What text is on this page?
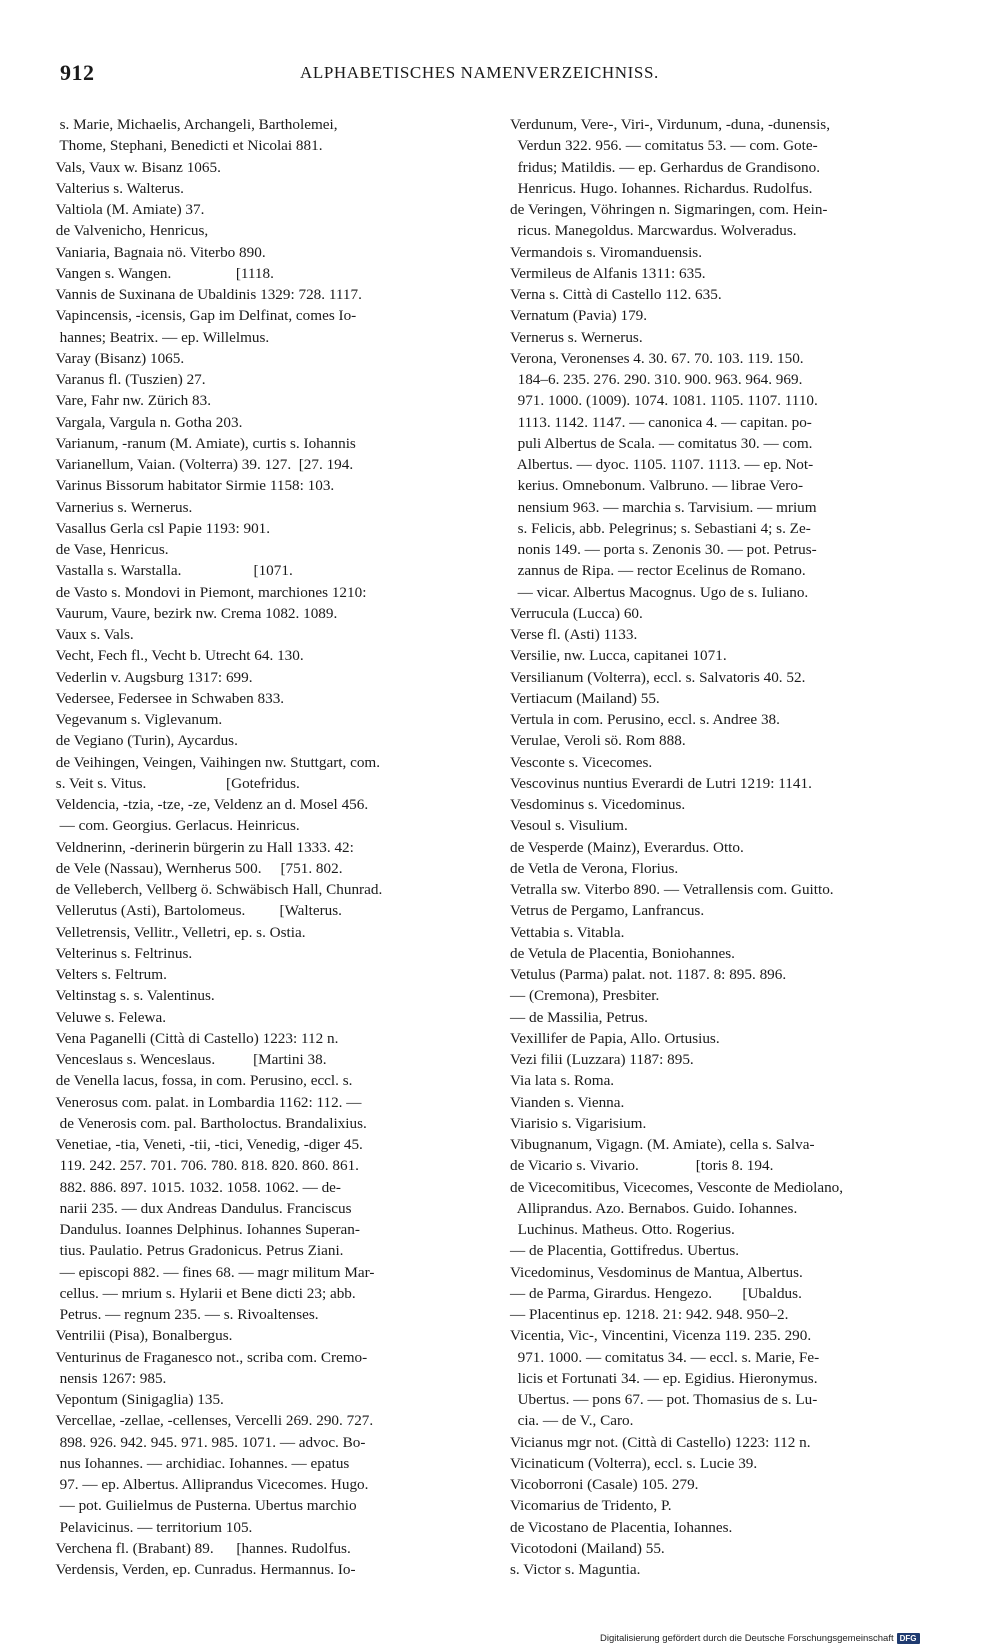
912	ALPHABETISCHES NAMENVERZEICHNISS.
s. Marie, Michaelis, Archangeli, Bartholemei,
Thome, Stephani, Benedicti et Nicolai 881.
Vals, Vaux w. Bisanz 1065.
Valterius s. Walterus.
Valtiola (M. Amiate) 37.
de Valvenicho, Henricus,
Vaniaria, Bagnaia nö. Viterbo 890.
Vangen s. Wangen.                 [1118.
Vannis de Suxinana de Ubaldinis 1329: 728. 1117.
Vapincensis, -icensis, Gap im Delfinat, comes Io-
hannes; Beatrix. — ep. Willelmus.
Varay (Bisanz) 1065.
Varanus fl. (Tuszien) 27.
Vare, Fahr nw. Zürich 83.
Vargala, Vargula n. Gotha 203.
Varianum, -ranum (M. Amiate), curtis s. Iohannis
Varianellum, Vaian. (Volterra) 39. 127.  [27. 194.
Varinus Bissorum habitator Sirmie 1158: 103.
Varnerius s. Wernerus.
Vasallus Gerla csl Papie 1193: 901.
de Vase, Henricus.
Vastalla s. Warstalla.                   [1071.
de Vasto s. Mondovi in Piemont, marchiones 1210:
Vaurum, Vaure, bezirk nw. Crema 1082. 1089.
Vaux s. Vals.
Vecht, Fech fl., Vecht b. Utrecht 64. 130.
Vederlin v. Augsburg 1317: 699.
Vedersee, Federsee in Schwaben 833.
Vegevanum s. Viglevanum.
de Vegiano (Turin), Aycardus.
de Veihingen, Veingen, Vaihingen nw. Stuttgart, com.
s. Veit s. Vitus.                     [Gotefridus.
Veldencia, -tzia, -tze, -ze, Veldenz an d. Mosel 456.
— com. Georgius. Gerlacus. Heinricus.
Veldnerinn, -derinerin bürgerin zu Hall 1333. 42:
de Vele (Nassau), Wernherus 500.     [751. 802.
de Velleberch, Vellberg ö. Schwäbisch Hall, Chunrad.
Vellerutus (Asti), Bartolomeus.         [Walterus.
Velletrensis, Vellitr., Velletri, ep. s. Ostia.
Velterinus s. Feltrinus.
Velters s. Feltrum.
Veltinstag s. s. Valentinus.
Veluwe s. Felewa.
Vena Paganelli (Città di Castello) 1223: 112 n.
Venceslaus s. Wenceslaus.          [Martini 38.
de Venella lacus, fossa, in com. Perusino, eccl. s.
Venerosus com. palat. in Lombardia 1162: 112. —
de Venerosis com. pal. Bartholoctus. Brandalixius.
Venetiae, -tia, Veneti, -tii, -tici, Venedig, -diger 45.
119. 242. 257. 701. 706. 780. 818. 820. 860. 861.
882. 886. 897. 1015. 1032. 1058. 1062. — de-
narii 235. — dux Andreas Dandulus. Franciscus
Dandulus. Ioannes Delphinus. Iohannes Superan-
tius. Paulatio. Petrus Gradonicus. Petrus Ziani.
— episcopi 882. — fines 68. — magr militum Mar-
cellus. — mrium s. Hylarii et Bene dicti 23; abb.
Petrus. — regnum 235. — s. Rivoaltenses.
Ventrilii (Pisa), Bonalbergus.
Venturinus de Fraganesco not., scriba com. Cremo-
nensis 1267: 985.
Vepontum (Sinigaglia) 135.
Vercellae, -zellae, -cellenses, Vercelli 269. 290. 727.
898. 926. 942. 945. 971. 985. 1071. — advoc. Bo-
nus Iohannes. — archidiac. Iohannes. — epatus
97. — ep. Albertus. Alliprandus Vicecomes. Hugo.
— pot. Guilielmus de Pusterna. Ubertus marchio
Pelavicinus. — territorium 105.
Verchena fl. (Brabant) 89.      [hannes. Rudolfus.
Verdensis, Verden, ep. Cunradus. Hermannus. Io-
Verdunum, Vere-, Viri-, Virdunum, -duna, -dunensis,
Verdun 322. 956. — comitatus 53. — com. Gote-
fridus; Matildis. — ep. Gerhardus de Grandisono.
Henricus. Hugo. Iohannes. Richardus. Rudolfus.
de Veringen, Vöhringen n. Sigmaringen, com. Hein-
ricus. Manegoldus. Marcwardus. Wolveradus.
Vermandois s. Viromanduensis.
Vermileus de Alfanis 1311: 635.
Verna s. Città di Castello 112. 635.
Vernatum (Pavia) 179.
Vernerus s. Wernerus.
Verona, Veronenses 4. 30. 67. 70. 103. 119. 150.
184–6. 235. 276. 290. 310. 900. 963. 964. 969.
971. 1000. (1009). 1074. 1081. 1105. 1107. 1110.
1113. 1142. 1147. — canonica 4. — capitan. po-
puli Albertus de Scala. — comitatus 30. — com.
Albertus. — dyoc. 1105. 1107. 1113. — ep. Not-
kerius. Omnebonum. Valbruno. — librae Vero-
nensium 963. — marchia s. Tarvisium. — mrium
s. Felicis, abb. Pelegrinus; s. Sebastiani 4; s. Ze-
nonis 149. — porta s. Zenonis 30. — pot. Petrus-
zannus de Ripa. — rector Ecelinus de Romano.
— vicar. Albertus Macognus. Ugo de s. Iuliano.
Verrucula (Lucca) 60.
Verse fl. (Asti) 1133.
Versilie, nw. Lucca, capitanei 1071.
Versilianum (Volterra), eccl. s. Salvatoris 40. 52.
Vertiacum (Mailand) 55.
Vertula in com. Perusino, eccl. s. Andree 38.
Verulae, Veroli sö. Rom 888.
Vesconte s. Vicecomes.
Vescovinus nuntius Everardi de Lutri 1219: 1141.
Vesdominus s. Vicedominus.
Vesoul s. Visulium.
de Vesperde (Mainz), Everardus. Otto.
de Vetla de Verona, Florius.
Vetralla sw. Viterbo 890. — Vetrallensis com. Guitto.
Vetrus de Pergamo, Lanfrancus.
Vettabia s. Vitabla.
de Vetula de Placentia, Boniohannes.
Vetulus (Parma) palat. not. 1187. 8: 895. 896.
— (Cremona), Presbiter.
— de Massilia, Petrus.
Vexillifer de Papia, Allo. Ortusius.
Vezi filii (Luzzara) 1187: 895.
Via lata s. Roma.
Vianden s. Vienna.
Viarisio s. Vigarisium.
Vibugnanum, Vigagn. (M. Amiate), cella s. Salva-
de Vicario s. Vivario.               [toris 8. 194.
de Vicecomitibus, Vicecomes, Vesconte de Mediolano,
Alliprandus. Azo. Bernabos. Guido. Iohannes.
Luchinus. Matheus. Otto. Rogerius.
— de Placentia, Gottifredus. Ubertus.
Vicedominus, Vesdominus de Mantua, Albertus.
— de Parma, Girardus. Hengezo.        [Ubaldus.
— Placentinus ep. 1218. 21: 942. 948. 950–2.
Vicentia, Vic-, Vincentini, Vicenza 119. 235. 290.
971. 1000. — comitatus 34. — eccl. s. Marie, Fe-
licis et Fortunati 34. — ep. Egidius. Hieronymus.
Ubertus. — pons 67. — pot. Thomasius de s. Lu-
cia. — de V., Caro.
Vicianus mgr not. (Città di Castello) 1223: 112 n.
Vicinaticum (Volterra), eccl. s. Lucie 39.
Vicoborroni (Casale) 105. 279.
Vicomarius de Tridento, P.
de Vicostano de Placentia, Iohannes.
Vicotodoni (Mailand) 55.
s. Victor s. Maguntia.
Digitalisierung gefördert durch die Deutsche Forschungsgemeinschaft DFG
